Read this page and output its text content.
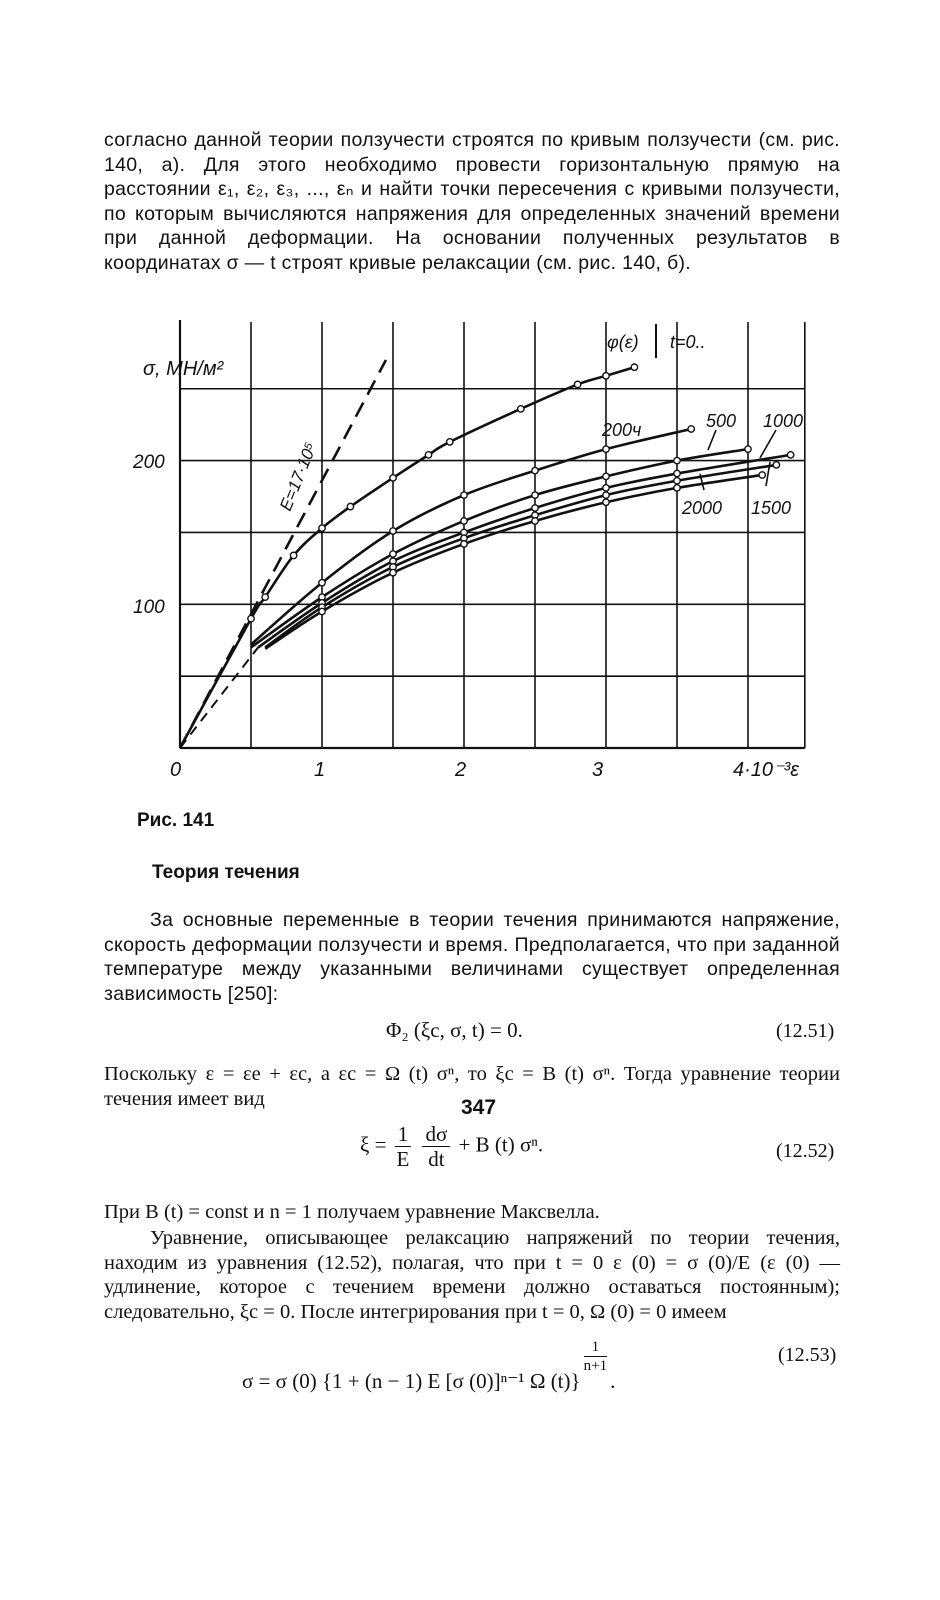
согласно данной теории ползучести строятся по кривым ползучести (см. рис. 140, а). Для этого необходимо провести горизонтальную прямую на расстоянии ε₁, ε₂, ε₃, ..., εₙ и найти точки пересечения с кривыми ползучести, по которым вычисляются напряжения для определенных значений времени при данной деформации. На основании полученных результатов в координатах σ — t строят кривые релаксации (см. рис. 140, б).
σ, МН/м²
200
100
0	1	2	3	4·10⁻³ε
E=17·10⁵
φ(ε) t=0..
200ч	500 1000
2000 1500
Рис. 141
Теория течения
За основные переменные в теории течения принимаются напряжение, скорость деформации ползучести и время. Предполагается, что при заданной температуре между указанными величинами существует определенная зависимость [250]:
Φ₂ (ξc, σ, t) = 0.	(12.51)
Поскольку ε = εе + εc, а εc = Ω (t) σⁿ, то ξc = B (t) σⁿ. Тогда уравнение теории течения имеет вид
$\xi = \frac{1}{E}$
$\frac{d\sigma}{dt} + B$ (t) σⁿ.	(12.52)
При B (t) = const и n = 1 получаем уравнение Максвелла.
Уравнение, описывающее релаксацию напряжений по теории течения, находим из уравнения (12.52), полагая, что при t = 0 ε (0) = σ (0)/E (ε (0) — удлинение, которое с течением времени должно оставаться постоянным); следовательно, ξc = 0. После интегрирования при t = 0, Ω (0) = 0 имеем
σ = σ (0) {1 + (n − 1) E [σ (0)]ⁿ⁻¹ Ω (t)}
$\frac{1}{n+1}$
.
(12.53)
347
